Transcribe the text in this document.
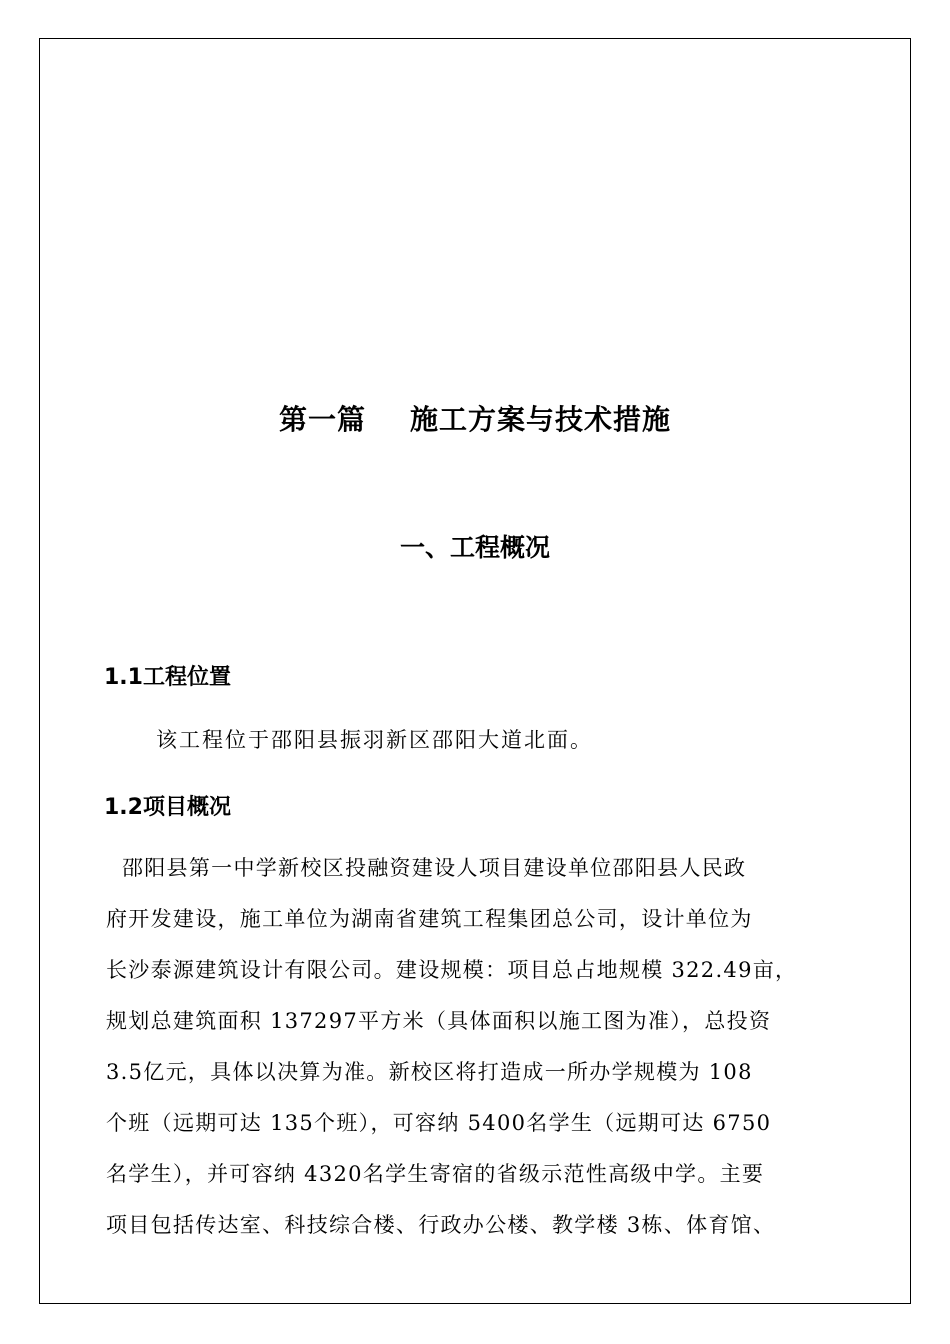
第一篇 施工方案与技术措施
一、工程概况
1.1工程位置
该工程位于邵阳县振羽新区邵阳大道北面。
1.2项目概况
邵阳县第一中学新校区投融资建设人项目建设单位邵阳县人民政
府开发建设，施工单位为湖南省建筑工程集团总公司，设计单位为
长沙泰源建筑设计有限公司。建设规模：项目总占地规模 322.49亩，
规划总建筑面积 137297平方米（具体面积以施工图为准），总投资
3.5亿元，具体以决算为准。新校区将打造成一所办学规模为 108
个班（远期可达 135个班），可容纳 5400名学生（远期可达 6750
名学生），并可容纳 4320名学生寄宿的省级示范性高级中学。主要
项目包括传达室、科技综合楼、行政办公楼、教学楼 3栋、体育馆、
